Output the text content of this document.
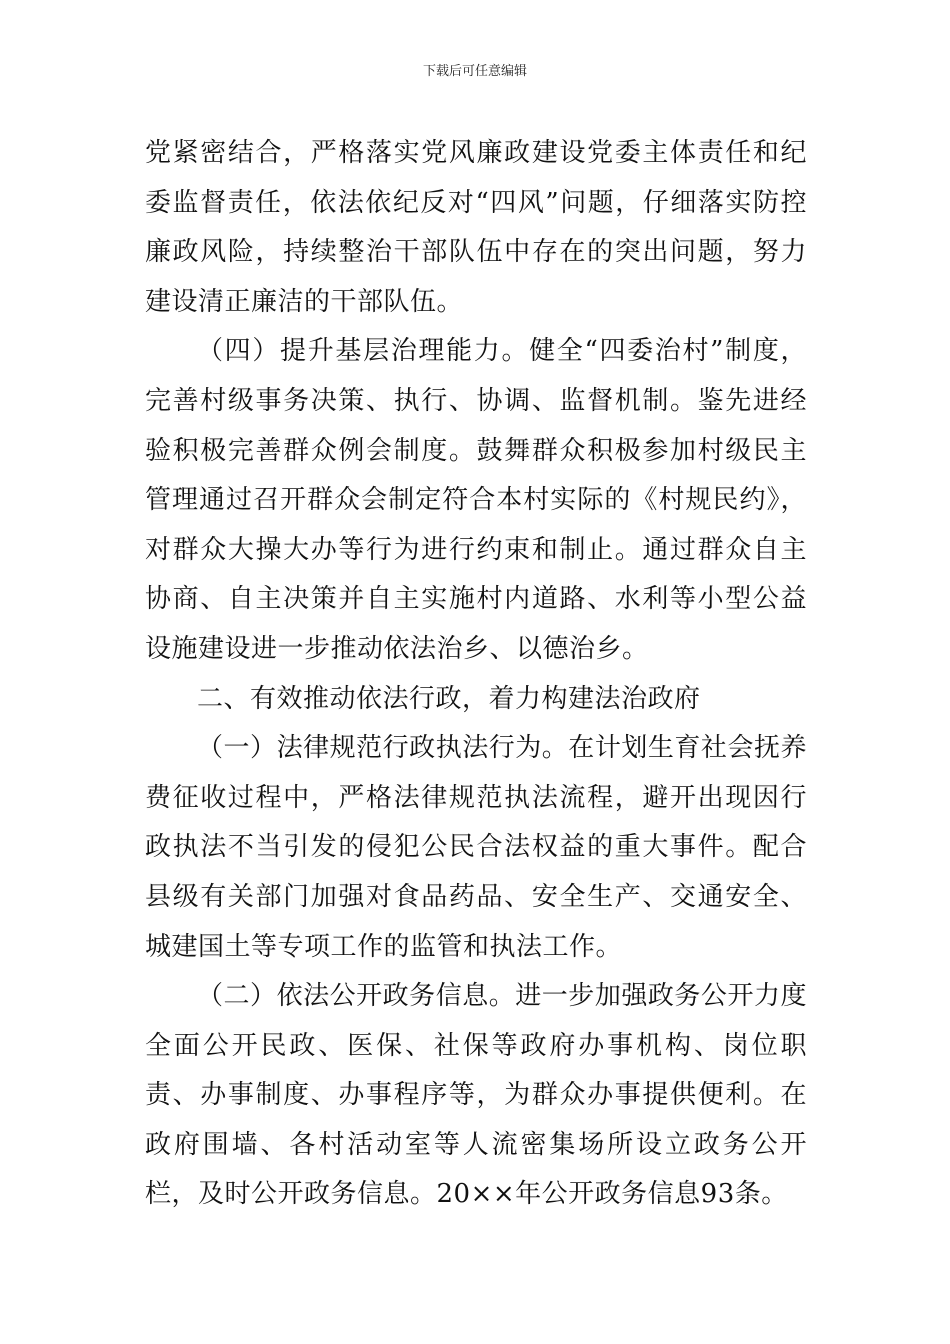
下载后可任意编辑

党紧密结合，严格落实党风廉政建设党委主体责任和纪委监督责任，依法依纪反对“四风”问题，仔细落实防控廉政风险，持续整治干部队伍中存在的突出问题，努力建设清正廉洁的干部队伍。

（四）提升基层治理能力。健全“四委治村”制度，完善村级事务决策、执行、协调、监督机制。鉴先进经验积极完善群众例会制度。鼓舞群众积极参加村级民主管理通过召开群众会制定符合本村实际的《村规民约》，对群众大操大办等行为进行约束和制止。通过群众自主协商、自主决策并自主实施村内道路、水利等小型公益设施建设进一步推动依法治乡、以德治乡。

二、有效推动依法行政，着力构建法治政府

（一）法律规范行政执法行为。在计划生育社会抚养费征收过程中，严格法律规范执法流程，避开出现因行政执法不当引发的侵犯公民合法权益的重大事件。配合县级有关部门加强对食品药品、安全生产、交通安全、城建国土等专项工作的监管和执法工作。

（二）依法公开政务信息。进一步加强政务公开力度全面公开民政、医保、社保等政府办事机构、岗位职责、办事制度、办事程序等，为群众办事提供便利。在政府围墙、各村活动室等人流密集场所设立政务公开栏，及时公开政务信息。20××年公开政务信息93条。
